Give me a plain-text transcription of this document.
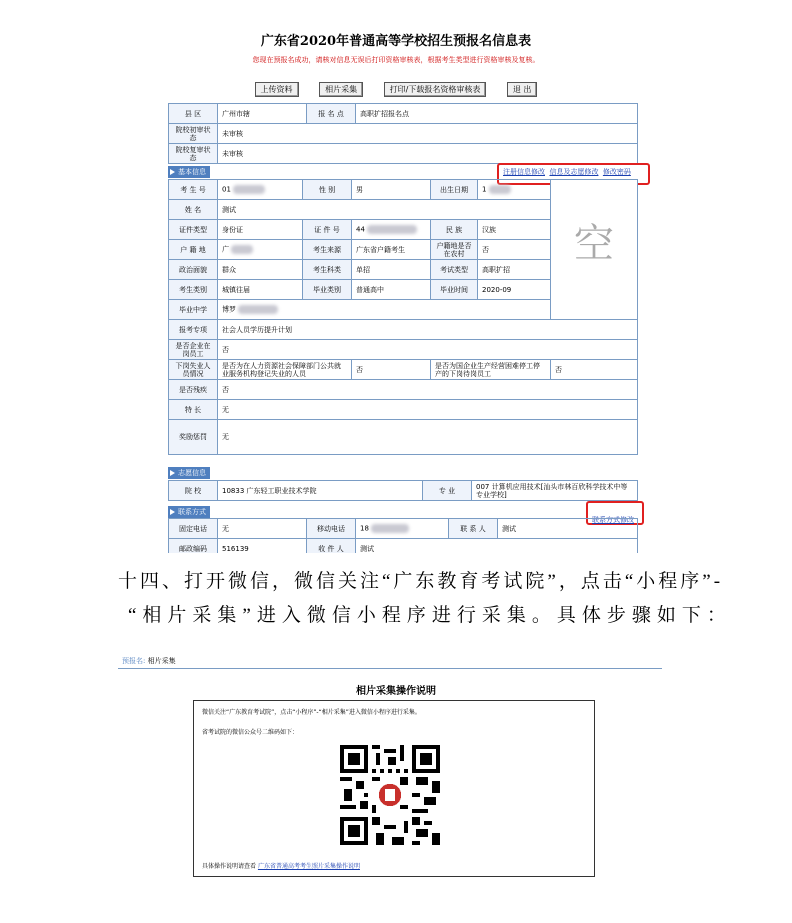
广东省2020年普通高等学校招生预报名信息表
您现在预报名成功，请核对信息无误后打印资格审核表，根据考生类型进行资格审核及复核。
上传资料	相片采集	打印/下载报名资格审核表	退 出
县 区	广州市辖	报 名 点	高职扩招报名点
院校初审状态	未审核		
院校复审状态	未审核		
基本信息	注册信息修改 信息及志愿修改 修改密码
考 生 号	01	性 别	男	出生日期	1	空
姓 名	测试					
证件类型	身份证	证 件 号	44	民 族	汉族	
户 籍 地	广	考生来源	广东省户籍考生	户籍地是否在农村	否	
政治面貌	群众	考生科类	单招	考试类型	高职扩招	
考生类别	城镇往届	毕业类别	普通高中	毕业时间	2020-09	
毕业中学	博罗					
报考专项	社会人员学历提升计划					
是否企业在岗员工	否					
下岗失业人员情况	是否为在人力资源社会保障部门公共就业服务机构登记失业的人员		否	是否为国企业生产经营困难停工停产的下岗待岗员工		否
是否残疾	否					
特 长	无					
奖励惩罚	无					
志愿信息
院 校	10833 广东轻工职业技术学院	专 业	007 计算机应用技术[汕头市林百欣科学技术中等专业学校]
联系方式
联系方式修改
固定电话	无	移动电话	18	联 系 人	测试
邮政编码	516139	收 件 人	测试		
十四、打开微信，微信关注“广东教育考试院”，点击“小程序”-
“相片采集”进入微信小程序进行采集。具体步骤如下：
预报名: 相片采集
相片采集操作说明
微信关注“广东教育考试院”，点击“小程序”-“相片采集”进入微信小程序进行采集。
省考试院的微信公众号二维码如下：
具体操作说明请查看 广东省普通高考考生照片采集操作说明
